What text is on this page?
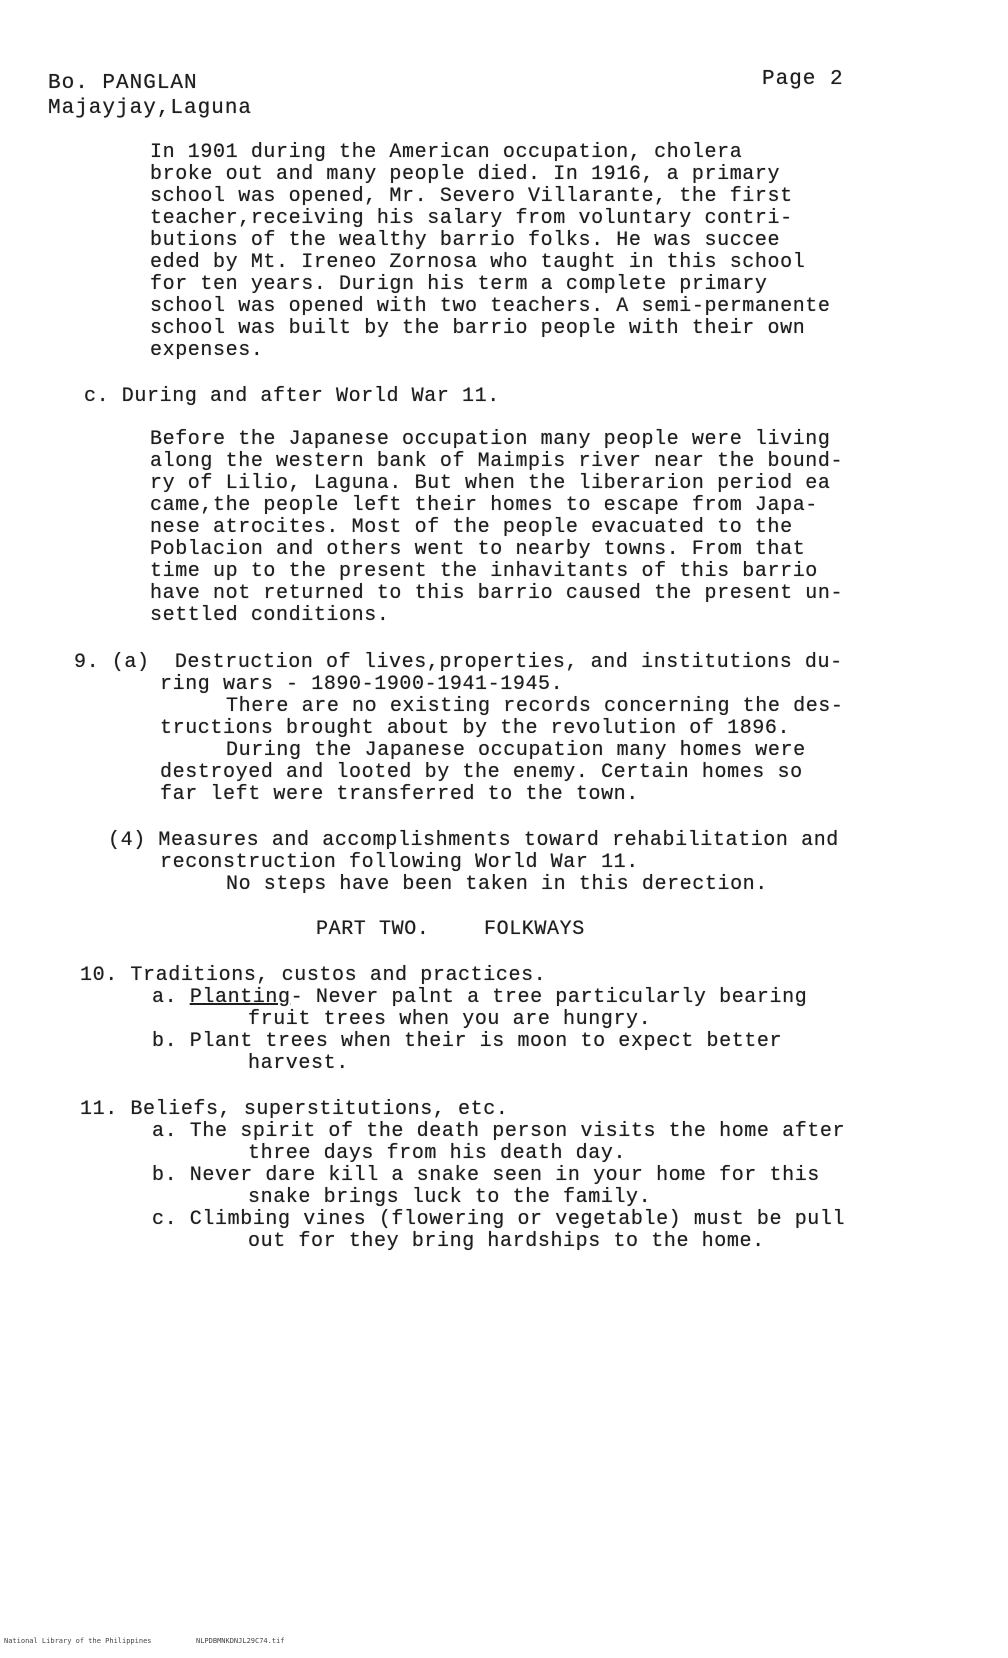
Bo. PANGLAN
Majayjay,Laguna
Page 2
In 1901 during the American occupation, cholera
broke out and many people died. In 1916, a primary
school was opened, Mr. Severo Villarante, the first
teacher,receiving his salary from voluntary contri-
butions of the wealthy barrio folks. He was succee
eded by Mt. Ireneo Zornosa who taught in this school
for ten years. Durign his term a complete primary
school was opened with two teachers. A semi-permanente
school was built by the barrio people with their own
expenses.
c. During and after World War 11.
Before the Japanese occupation many people were living
along the western bank of Maimpis river near the bound-
ry of Lilio, Laguna. But when the liberarion period ea
came,the people left their homes to escape from Japa-
nese atrocites. Most of the people evacuated to the
Poblacion and others went to nearby towns. From that
time up to the present the inhavitants of this barrio
have not returned to this barrio caused the present un-
settled conditions.
9. (a)  Destruction of lives,properties, and institutions du-
ring wars - 1890-1900-1941-1945.
There are no existing records concerning the des-
tructions brought about by the revolution of 1896.
During the Japanese occupation many homes were
destroyed and looted by the enemy. Certain homes so
far left were transferred to the town.
(4) Measures and accomplishments toward rehabilitation and
reconstruction following World War 11.
No steps have been taken in this derection.
PART TWO.	FOLKWAYS
10. Traditions, custos and practices.
a. Planting- Never palnt a tree particularly bearing
fruit trees when you are hungry.
b. Plant trees when their is moon to expect better
harvest.
11. Beliefs, superstitutions, etc.
a. The spirit of the death person visits the home after
three days from his death day.
b. Never dare kill a snake seen in your home for this
snake brings luck to the family.
c. Climbing vines (flowering or vegetable) must be pull
out for they bring hardships to the home.
National Library of the Philippines	NLPDBMNKDNJL29C74.tif
